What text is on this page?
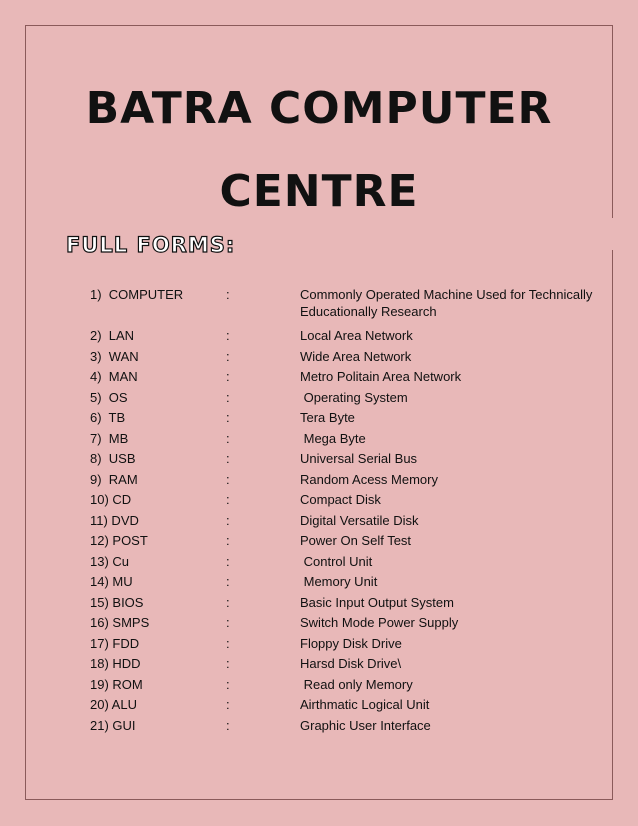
BATRA COMPUTER
CENTRE
FULL FORMS:
1)  COMPUTER	:	Commonly Operated Machine Used for Technically Educationally Research
2)  LAN	:	Local Area Network
3)  WAN	:	Wide Area Network
4)  MAN	:	Metro Politain Area Network
5)  OS	:	Operating System
6)  TB	:	Tera Byte
7)  MB	:	Mega Byte
8)  USB	:	Universal Serial Bus
9)  RAM	:	Random Acess Memory
10) CD	:	Compact Disk
11) DVD	:	Digital Versatile Disk
12) POST	:	Power On Self Test
13) Cu	:	Control Unit
14) MU	:	Memory Unit
15) BIOS	:	Basic Input Output System
16) SMPS	:	Switch Mode Power Supply
17) FDD	:	Floppy Disk Drive
18) HDD	:	Harsd Disk Drive\
19) ROM	:	Read only Memory
20) ALU	:	Airthmatic Logical Unit
21) GUI	:	Graphic User Interface
